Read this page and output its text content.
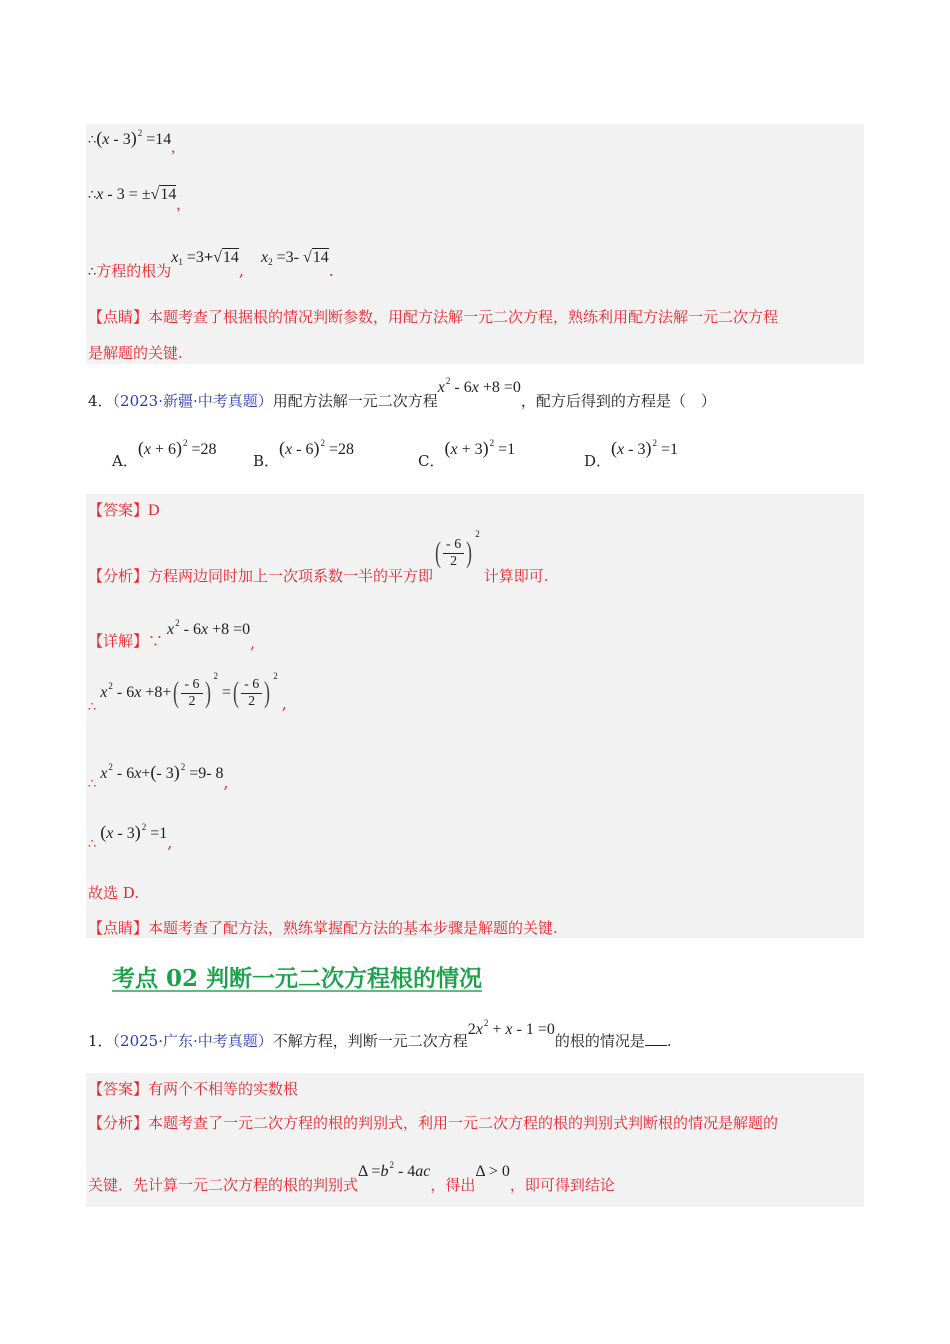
∴(x - 3)$^2$ =14,
∴x - 3 = ±√14,
$_\therefore$方程的根为x1 =3+√14, x2 =3- √14.
【点睛】本题考查了根据根的情况判断参数，用配方法解一元二次方程，熟练利用配方法解一元二次方程
是解题的关键.
4．（2023·新疆·中考真题）用配方法解一元二次方程$x^2 - 6x +8 =0$，配方后得到的方程是（　）
A．$(x + 6)^2 =28$
B．(x - 6)$^2$ =28
C．$(x + 3)^2 =1$
D．(x - 3)$^2$ =1
【答案】D
【分析】方程两边同时加上一次项系数一半的平方即( $\frac{- 6}{2} )^2$计算即可.
【详解】$\because x^2 - 6x +8 =0$,
$_\therefore x^2 - 6x +8+( \frac{- 6}{2} )^2$ =( $\frac{- 6}{2} )^2$,
$_\therefore x^2 - 6x+(-$ 3)$^2$ =9- 8,
$_\therefore$(x - 3)$^2$ =1,
故选 D.
【点睛】本题考查了配方法，熟练掌握配方法的基本步骤是解题的关键.
考点 02 判断一元二次方程根的情况
1．（2025·广东·中考真题）不解方程，判断一元二次方程$2x^2 + x - 1 =0$的根的情况是 .
【答案】有两个不相等的实数根
【分析】本题考查了一元二次方程的根的判别式，利用一元二次方程的根的判别式判断根的情况是解题的
关键．先计算一元二次方程的根的判别式$\Delta =b^2 - 4ac$，得出Δ > 0，即可得到结论
